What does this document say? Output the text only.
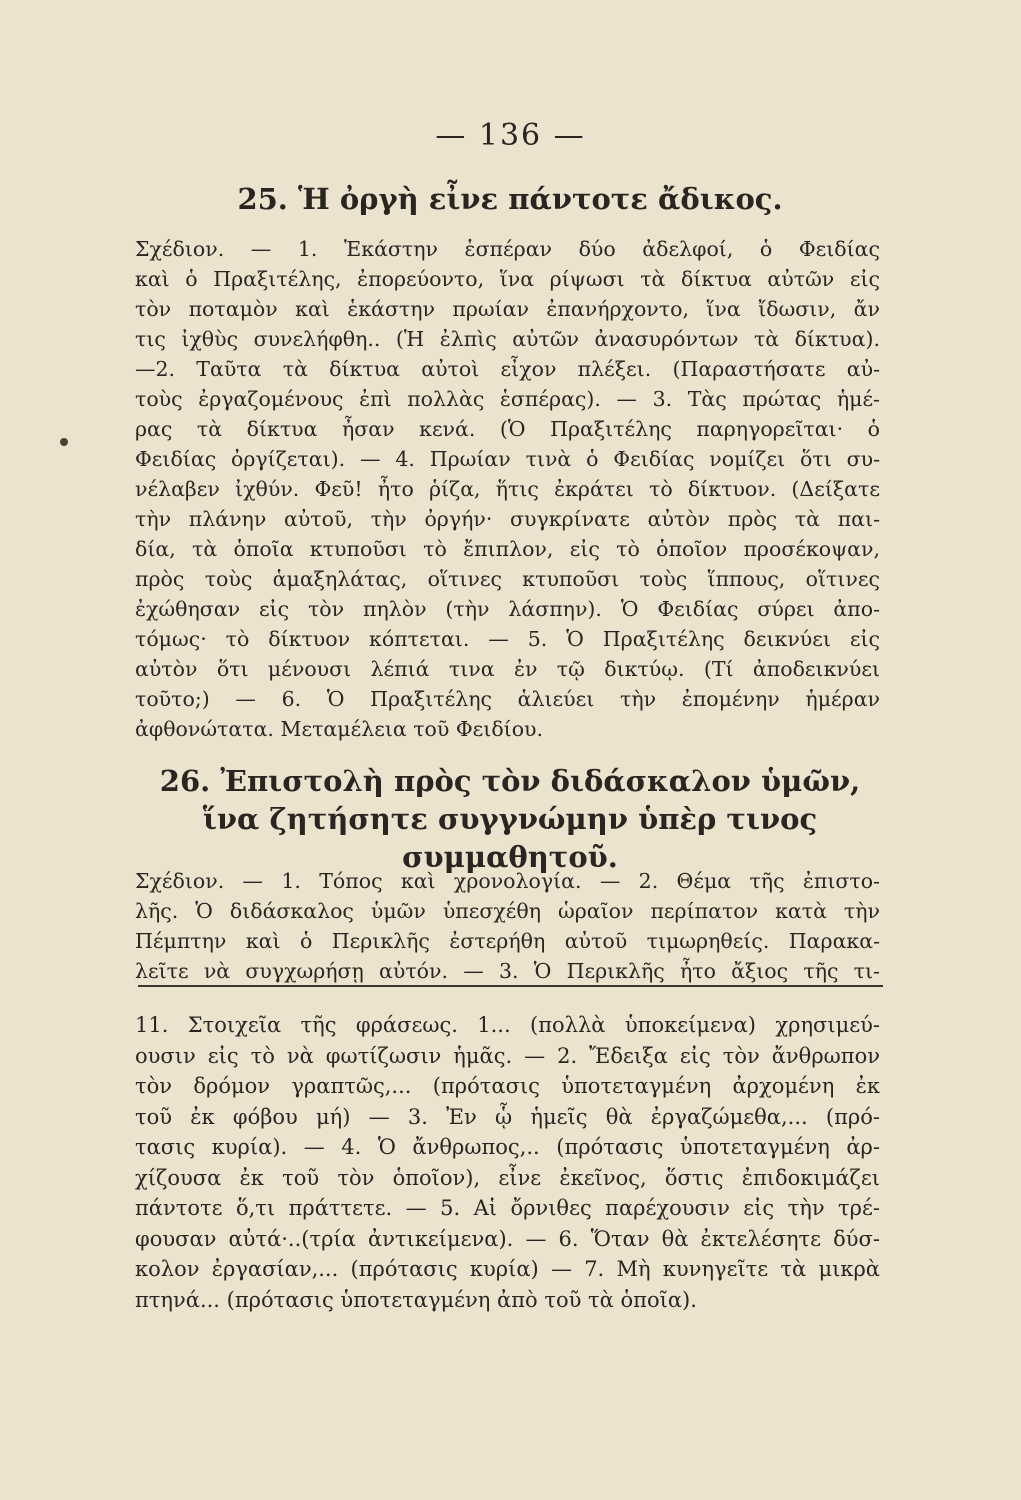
— 136 —
25. Ἡ ὀργὴ εἶνε πάντοτε ἄδικος.
Σχέδιον. — 1. Ἑκάστην ἑσπέραν δύο ἀδελφοί, ὁ Φειδίας
καὶ ὁ Πραξιτέλης, ἐπορεύοντο, ἵνα ρίψωσι τὰ δίκτυα αὐτῶν εἰς
τὸν ποταμὸν καὶ ἑκάστην πρωίαν ἐπανήρχοντο, ἵνα ἴδωσιν, ἄν
τις ἰχθὺς συνελήφθη.. (Ἡ ἐλπὶς αὐτῶν ἀνασυρόντων τὰ δίκτυα).
—2. Ταῦτα τὰ δίκτυα αὐτοὶ εἶχον πλέξει. (Παραστήσατε αὐ-
τοὺς ἐργαζομένους ἐπὶ πολλὰς ἑσπέρας). — 3. Τὰς πρώτας ἡμέ-
ρας τὰ δίκτυα ἦσαν κενά. (Ὁ Πραξιτέλης παρηγορεῖται· ὁ
Φειδίας ὀργίζεται). — 4. Πρωίαν τινὰ ὁ Φειδίας νομίζει ὅτι συ-
νέλαβεν ἰχθύν. Φεῦ! ἦτο ῥίζα, ἥτις ἐκράτει τὸ δίκτυον. (Δείξατε
τὴν πλάνην αὐτοῦ, τὴν ὀργήν· συγκρίνατε αὐτὸν πρὸς τὰ παι-
δία, τὰ ὁποῖα κτυποῦσι τὸ ἔπιπλον, εἰς τὸ ὁποῖον προσέκοψαν,
πρὸς τοὺς ἁμαξηλάτας, οἵτινες κτυποῦσι τοὺς ἵππους, οἵτινες
ἐχώθησαν εἰς τὸν πηλὸν (τὴν λάσπην). Ὁ Φειδίας σύρει ἀπο-
τόμως· τὸ δίκτυον κόπτεται. — 5. Ὁ Πραξιτέλης δεικνύει εἰς
αὐτὸν ὅτι μένουσι λέπιά τινα ἐν τῷ δικτύῳ. (Τί ἀποδεικνύει
τοῦτο;) — 6. Ὁ Πραξιτέλης ἁλιεύει τὴν ἐπομένην ἡμέραν
ἀφθονώτατα. Μεταμέλεια τοῦ Φειδίου.
26. Ἐπιστολὴ πρὸς τὸν διδάσκαλον ὑμῶν,
ἵνα ζητήσητε συγγνώμην ὑπὲρ τινος
συμμαθητοῦ.
Σχέδιον. — 1. Τόπος καὶ χρονολογία. — 2. Θέμα τῆς ἐπιστο-
λῆς. Ὁ διδάσκαλος ὑμῶν ὑπεσχέθη ὡραῖον περίπατον κατὰ τὴν
Πέμπτην καὶ ὁ Περικλῆς ἐστερήθη αὐτοῦ τιμωρηθείς. Παρακα-
λεῖτε νὰ συγχωρήσῃ αὐτόν. — 3. Ὁ Περικλῆς ἦτο ἄξιος τῆς τι-
11. Στοιχεῖα τῆς φράσεως. 1... (πολλὰ ὑποκείμενα) χρησιμεύ-
ουσιν εἰς τὸ νὰ φωτίζωσιν ἡμᾶς. — 2. Ἔδειξα εἰς τὸν ἄνθρωπον
τὸν δρόμον γραπτῶς,... (πρότασις ὑποτεταγμένη ἀρχομένη ἐκ
τοῦ ἐκ φόβου μή) — 3. Ἐν ᾧ ἡμεῖς θὰ ἐργαζώμεθα,... (πρό-
τασις κυρία). — 4. Ὁ ἄνθρωπος,.. (πρότασις ὑποτεταγμένη ἀρ-
χίζουσα ἐκ τοῦ τὸν ὁποῖον), εἶνε ἐκεῖνος, ὅστις ἐπιδοκιμάζει
πάντοτε ὅ,τι πράττετε. — 5. Αἱ ὄρνιθες παρέχουσιν εἰς τὴν τρέ-
φουσαν αὐτά·..(τρία ἀντικείμενα). — 6. Ὅταν θὰ ἐκτελέσητε δύσ-
κολον ἐργασίαν,... (πρότασις κυρία) — 7. Μὴ κυνηγεῖτε τὰ μικρὰ
πτηνά... (πρότασις ὑποτεταγμένη ἀπὸ τοῦ τὰ ὁποῖα).
